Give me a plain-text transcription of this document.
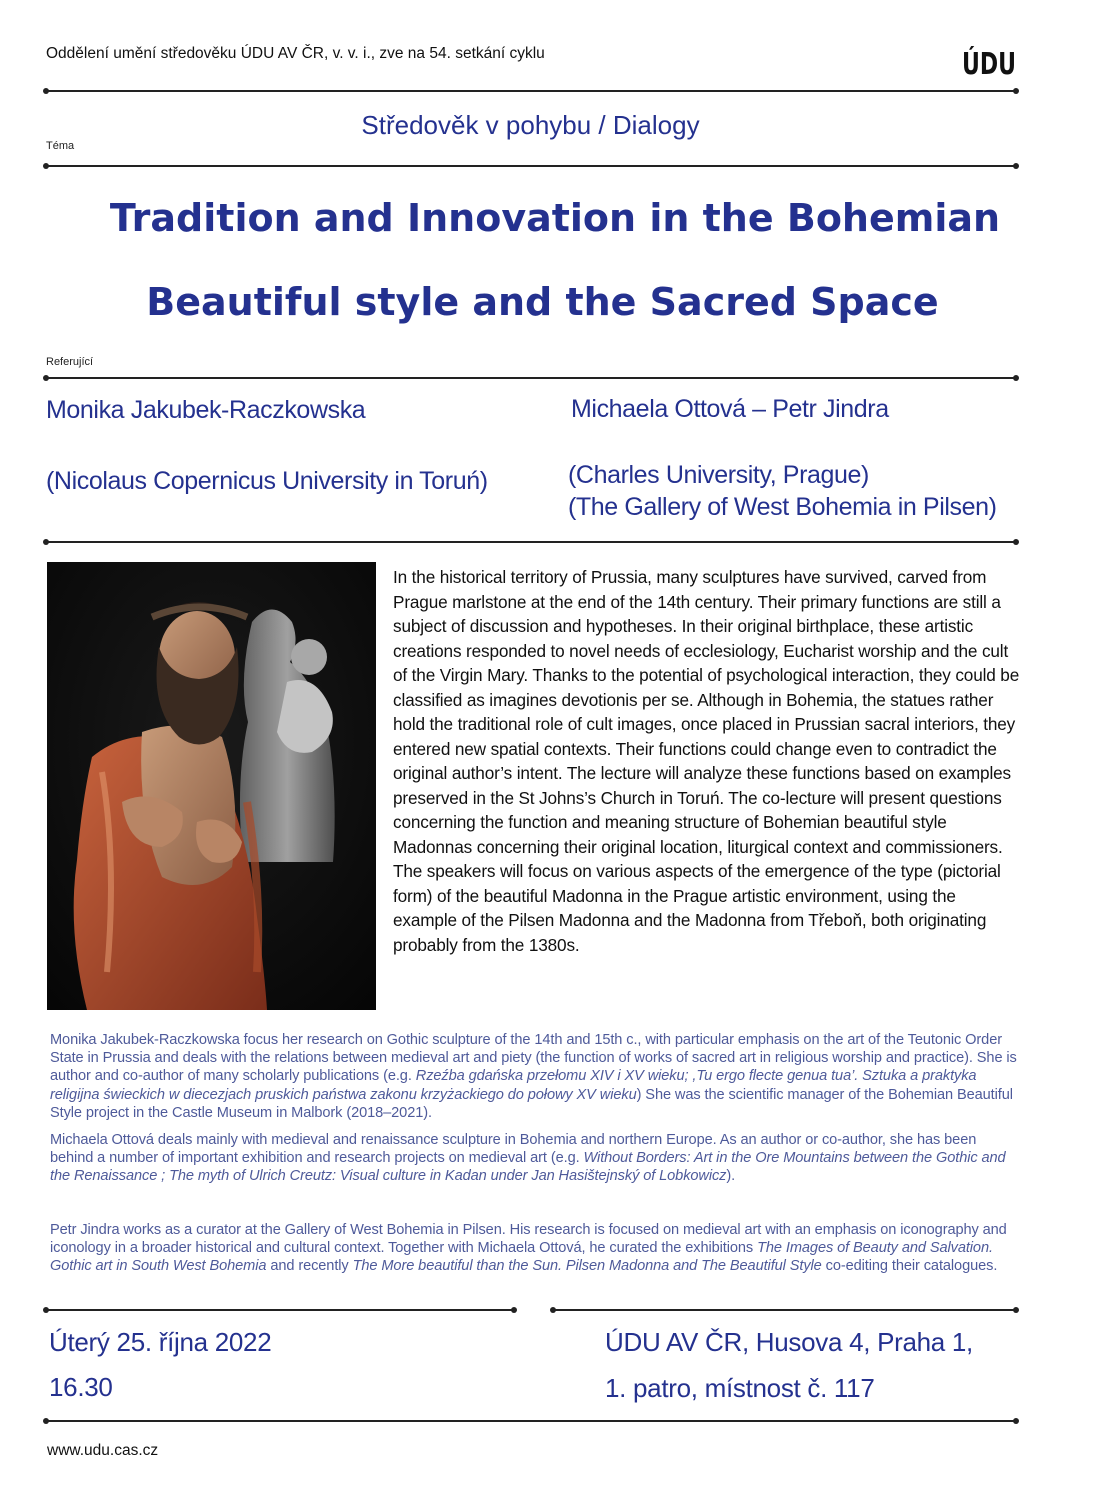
Oddělení umění středověku ÚDU AV ČR, v. v. i., zve na 54. setkání cyklu	ÚDU
Středověk v pohybu / Dialogy
Téma
Tradition and Innovation in the Bohemian
Beautiful style and the Sacred Space
Referující
Monika Jakubek-Raczkowska
(Nicolaus Copernicus University in Toruń)
Michaela Ottová – Petr Jindra
(Charles University, Prague)
(The Gallery of West Bohemia in Pilsen)
In the historical territory of Prussia, many sculptures have survived, carved from Prague marlstone at the end of the 14th century. Their primary functions are still a subject of discussion and hypotheses. In their original birthplace, these artistic creations responded to novel needs of ecclesiology, Eucharist worship and the cult of the Virgin Mary. Thanks to the potential of psychological interaction, they could be classified as imagines devotionis per se. Although in Bohemia, the statues rather hold the traditional role of cult images, once placed in Prussian sacral interiors, they entered new spatial contexts. Their functions could change even to contradict the original author’s intent. The lecture will analyze these functions based on examples preserved in the St Johns’s Church in Toruń. The co-lecture will present questions concerning the function and meaning structure of Bohemian beautiful style Madonnas concerning their original location, liturgical context and commissioners. The speakers will focus on various aspects of the emergence of the type (pictorial form) of the beautiful Madonna in the Prague artistic environment, using the example of the Pilsen Madonna and the Madonna from Třeboň, both originating probably from the 1380s.
Monika Jakubek-Raczkowska focus her research on Gothic sculpture of the 14th and 15th c., with particular emphasis on the art of the Teutonic Order State in Prussia and deals with the relations between medieval art and piety (the function of works of sacred art in religious worship and practice). She is author and co-author of many scholarly publications (e.g. Rzeźba gdańska przełomu XIV i XV wieku; ,Tu ergo flecte genua tua’. Sztuka a praktyka religijna świeckich w diecezjach pruskich państwa zakonu krzyżackiego do połowy XV wieku) She was the scientific manager of the Bohemian Beautiful Style project in the Castle Museum in Malbork (2018–2021).
Michaela Ottová deals mainly with medieval and renaissance sculpture in Bohemia and northern Europe. As an author or co-author, she has been behind a number of important exhibition and research projects on medieval art (e.g. Without Borders: Art in the Ore Mountains between the Gothic and the Renaissance ; The myth of Ulrich Creutz: Visual culture in Kadan under Jan Hasištejnský of Lobkowicz).
Petr Jindra works as a curator at the Gallery of West Bohemia in Pilsen. His research is focused on medieval art with an emphasis on iconography and iconology in a broader historical and cultural context. Together with Michaela Ottová, he curated the exhibitions The Images of Beauty and Salvation. Gothic art in South West Bohemia and recently The More beautiful than the Sun. Pilsen Madonna and The Beautiful Style co-editing their catalogues.
Úterý 25. října 2022
16.30
ÚDU AV ČR, Husova 4, Praha 1,
1. patro, místnost č. 117
www.udu.cas.cz
